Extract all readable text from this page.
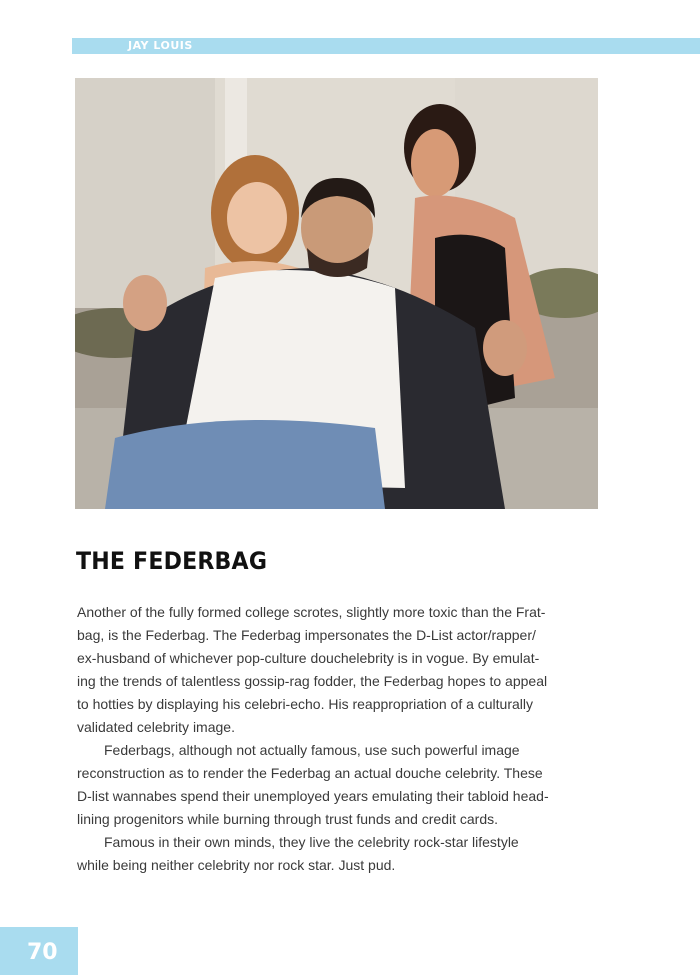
JAY LOUIS
THE FEDERBAG
Another of the fully formed college scrotes, slightly more toxic than the Frat-
bag, is the Federbag. The Federbag impersonates the D-List actor/rapper/
ex-husband of whichever pop-culture douchelebrity is in vogue. By emulat-
ing the trends of talentless gossip-rag fodder, the Federbag hopes to appeal
to hotties by displaying his celebri-echo. His reappropriation of a culturally
validated celebrity image.
Federbags, although not actually famous, use such powerful image
reconstruction as to render the Federbag an actual douche celebrity. These
D-list wannabes spend their unemployed years emulating their tabloid head-
lining progenitors while burning through trust funds and credit cards.
Famous in their own minds, they live the celebrity rock-star lifestyle
while being neither celebrity nor rock star. Just pud.
70
